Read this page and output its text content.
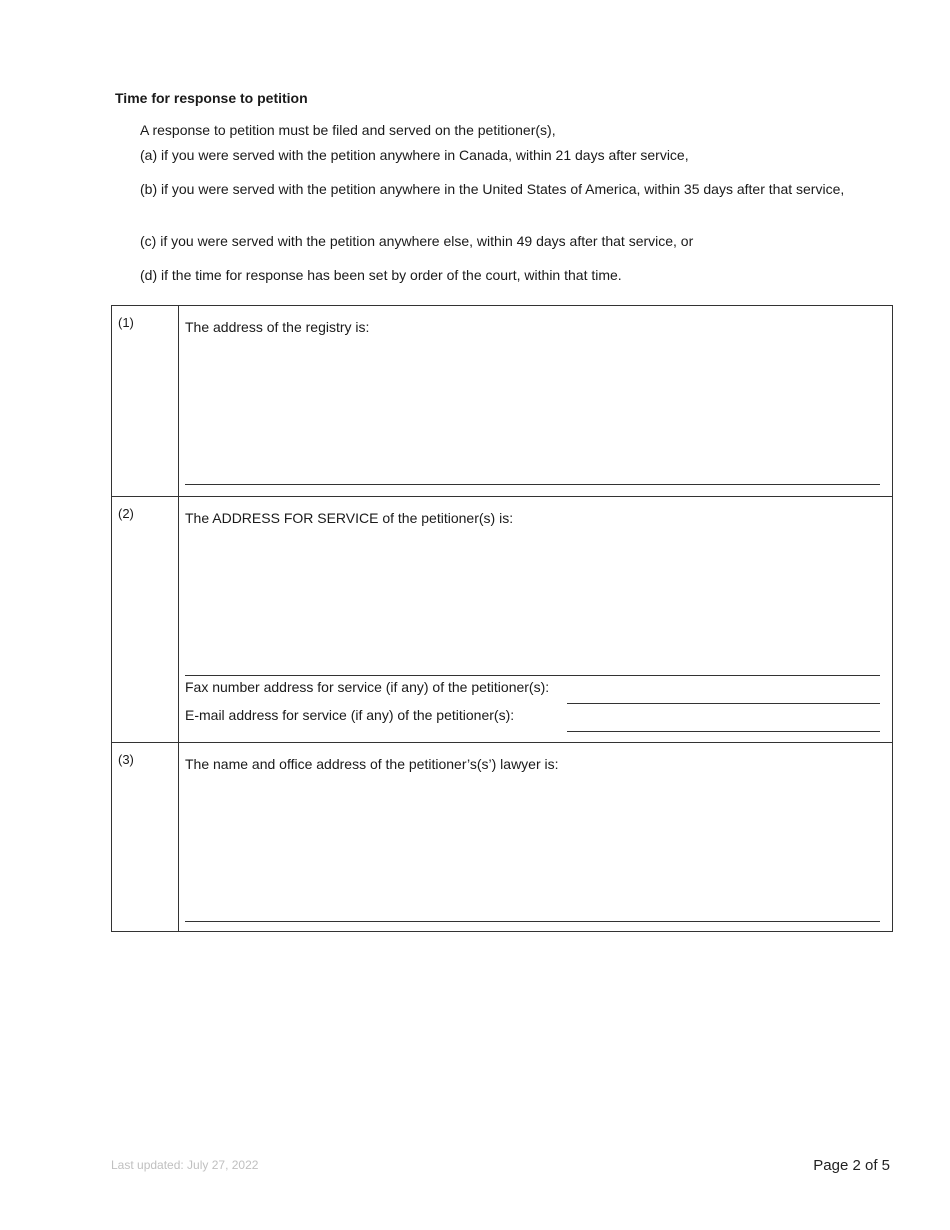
Time for response to petition
A response to petition must be filed and served on the petitioner(s),
(a) if you were served with the petition anywhere in Canada, within 21 days after service,
(b) if you were served with the petition anywhere in the United States of America, within 35 days after that service,
(c) if you were served with the petition anywhere else, within 49 days after that service, or
(d) if the time for response has been set by order of the court, within that time.
(1)	The address of the registry is:
(2)	The ADDRESS FOR SERVICE of the petitioner(s) is:
Fax number address for service (if any) of the petitioner(s):
E-mail address for service (if any) of the petitioner(s):
(3)	The name and office address of the petitioner’s(s’) lawyer is:
Last updated: July 27, 2022	Page 2 of 5
